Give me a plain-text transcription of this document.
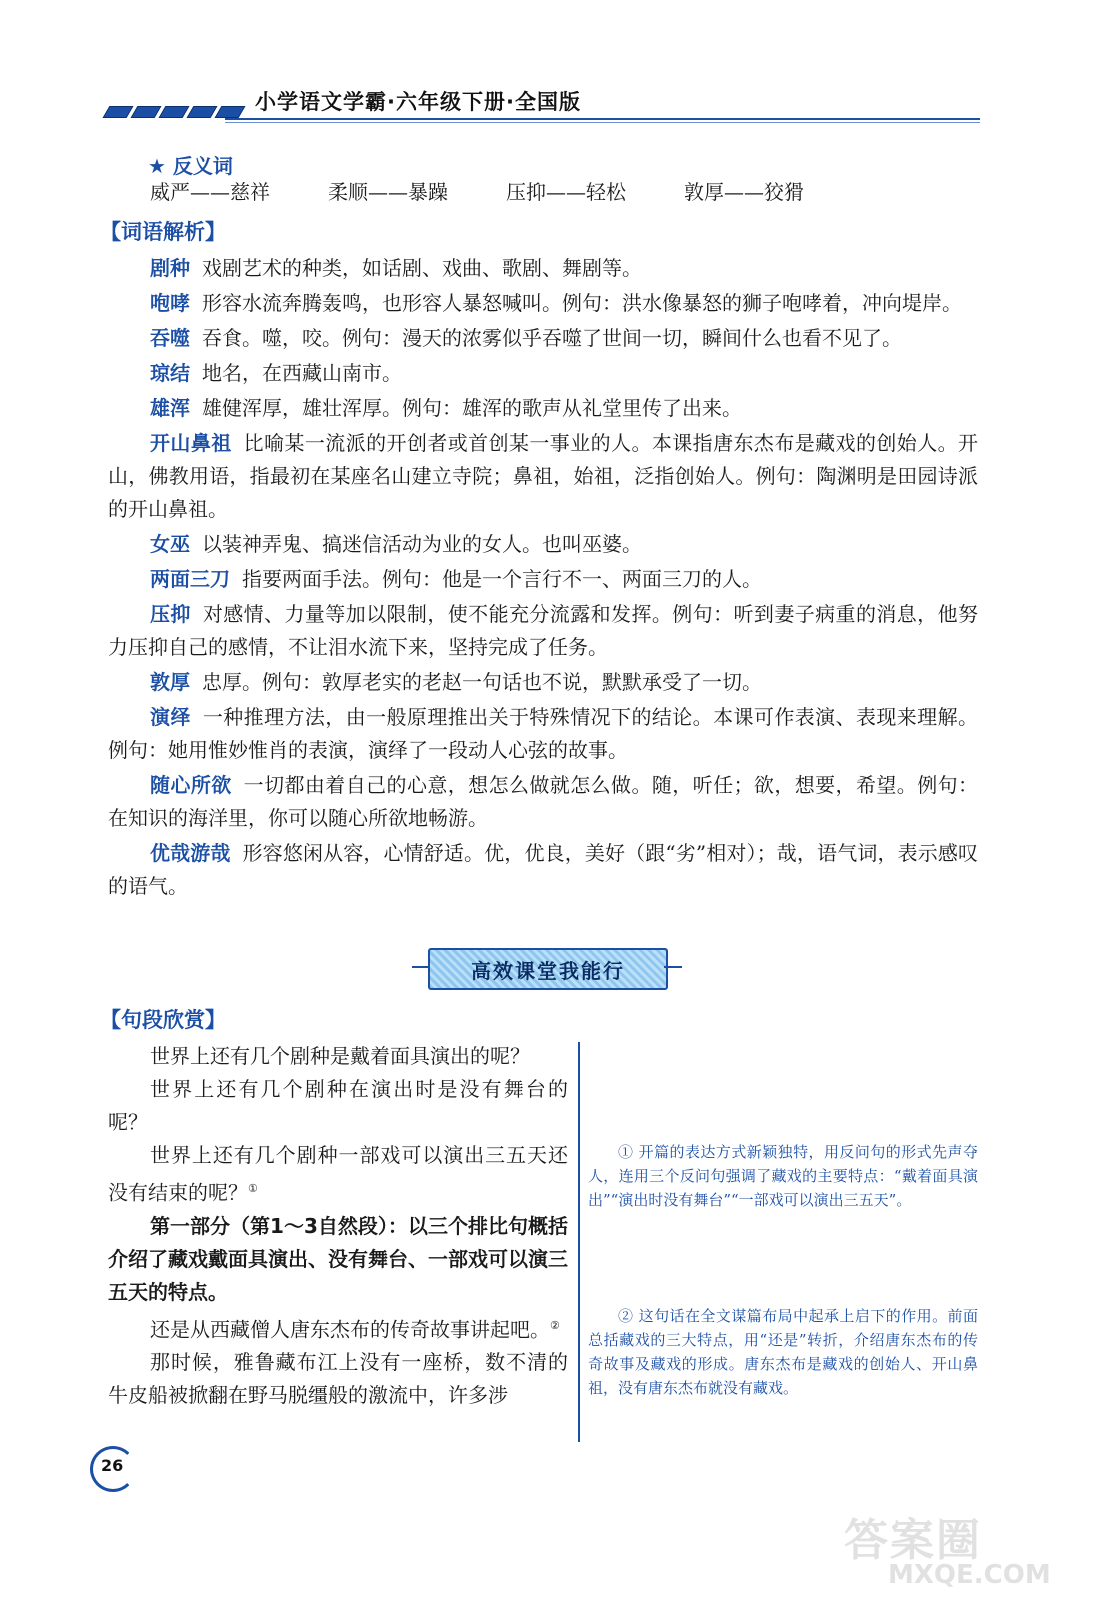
小学语文学霸·六年级下册·全国版
★ 反义词
威严——慈祥	柔顺——暴躁	压抑——轻松	敦厚——狡猾
【词语解析】

剧种 戏剧艺术的种类，如话剧、戏曲、歌剧、舞剧等。

咆哮 形容水流奔腾轰鸣，也形容人暴怒喊叫。例句：洪水像暴怒的狮子咆哮着，冲向堤岸。

吞噬 吞食。噬，咬。例句：漫天的浓雾似乎吞噬了世间一切，瞬间什么也看不见了。

琼结 地名，在西藏山南市。

雄浑 雄健浑厚，雄壮浑厚。例句：雄浑的歌声从礼堂里传了出来。

开山鼻祖 比喻某一流派的开创者或首创某一事业的人。本课指唐东杰布是藏戏的创始人。开山，佛教用语，指最初在某座名山建立寺院；鼻祖，始祖，泛指创始人。例句：陶渊明是田园诗派的开山鼻祖。

女巫 以装神弄鬼、搞迷信活动为业的女人。也叫巫婆。

两面三刀 指要两面手法。例句：他是一个言行不一、两面三刀的人。

压抑 对感情、力量等加以限制，使不能充分流露和发挥。例句：听到妻子病重的消息，他努力压抑自己的感情，不让泪水流下来，坚持完成了任务。

敦厚 忠厚。例句：敦厚老实的老赵一句话也不说，默默承受了一切。

演绎 一种推理方法，由一般原理推出关于特殊情况下的结论。本课可作表演、表现来理解。例句：她用惟妙惟肖的表演，演绎了一段动人心弦的故事。

随心所欲 一切都由着自己的心意，想怎么做就怎么做。随，听任；欲，想要，希望。例句：在知识的海洋里，你可以随心所欲地畅游。

优哉游哉 形容悠闲从容，心情舒适。优，优良，美好（跟“劣”相对）；哉，语气词，表示感叹的语气。

高效课堂我能行
【句段欣赏】

世界上还有几个剧种是戴着面具演出的呢？

世界上还有几个剧种在演出时是没有舞台的呢？

世界上还有几个剧种一部戏可以演出三五天还没有结束的呢？①

第一部分（第1～3自然段）：以三个排比句概括介绍了藏戏戴面具演出、没有舞台、一部戏可以演三五天的特点。

还是从西藏僧人唐东杰布的传奇故事讲起吧。②

那时候，雅鲁藏布江上没有一座桥，数不清的牛皮船被掀翻在野马脱缰般的激流中，许多涉

① 开篇的表达方式新颖独特，用反问句的形式先声夺人，连用三个反问句强调了藏戏的主要特点：“戴着面具演出”“演出时没有舞台”“一部戏可以演出三五天”。
② 这句话在全文谋篇布局中起承上启下的作用。前面总括藏戏的三大特点，用“还是”转折，介绍唐东杰布的传奇故事及藏戏的形成。唐东杰布是藏戏的创始人、开山鼻祖，没有唐东杰布就没有藏戏。
26
答案圈
MXQE.COM
